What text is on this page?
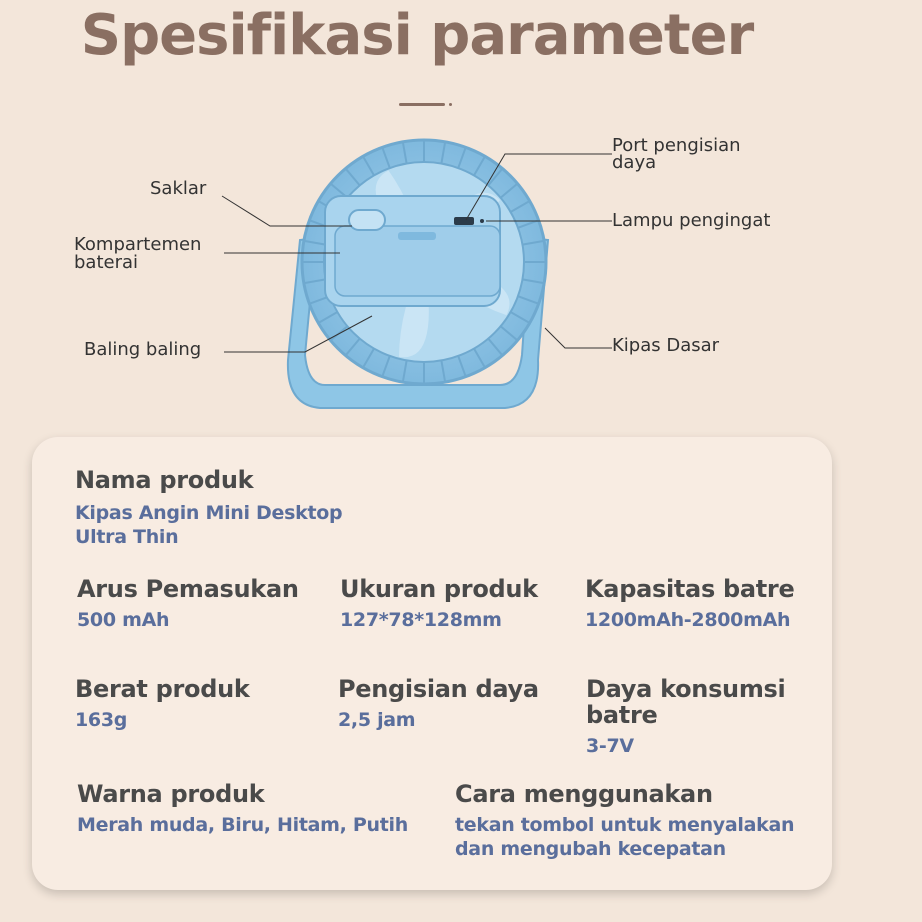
Spesifikasi parameter
Saklar
Kompartemen
baterai
Baling baling
Port pengisian
daya
Lampu pengingat
Kipas Dasar
Nama produk
Kipas Angin Mini Desktop
Ultra Thin
Arus Pemasukan
500 mAh
Ukuran produk
127*78*128mm
Kapasitas batre
1200mAh-2800mAh
Berat produk
163g
Pengisian daya
2,5 jam
Daya konsumsi
batre
3-7V
Warna produk
Merah muda, Biru, Hitam, Putih
Cara menggunakan
tekan tombol untuk menyalakan
dan mengubah kecepatan
